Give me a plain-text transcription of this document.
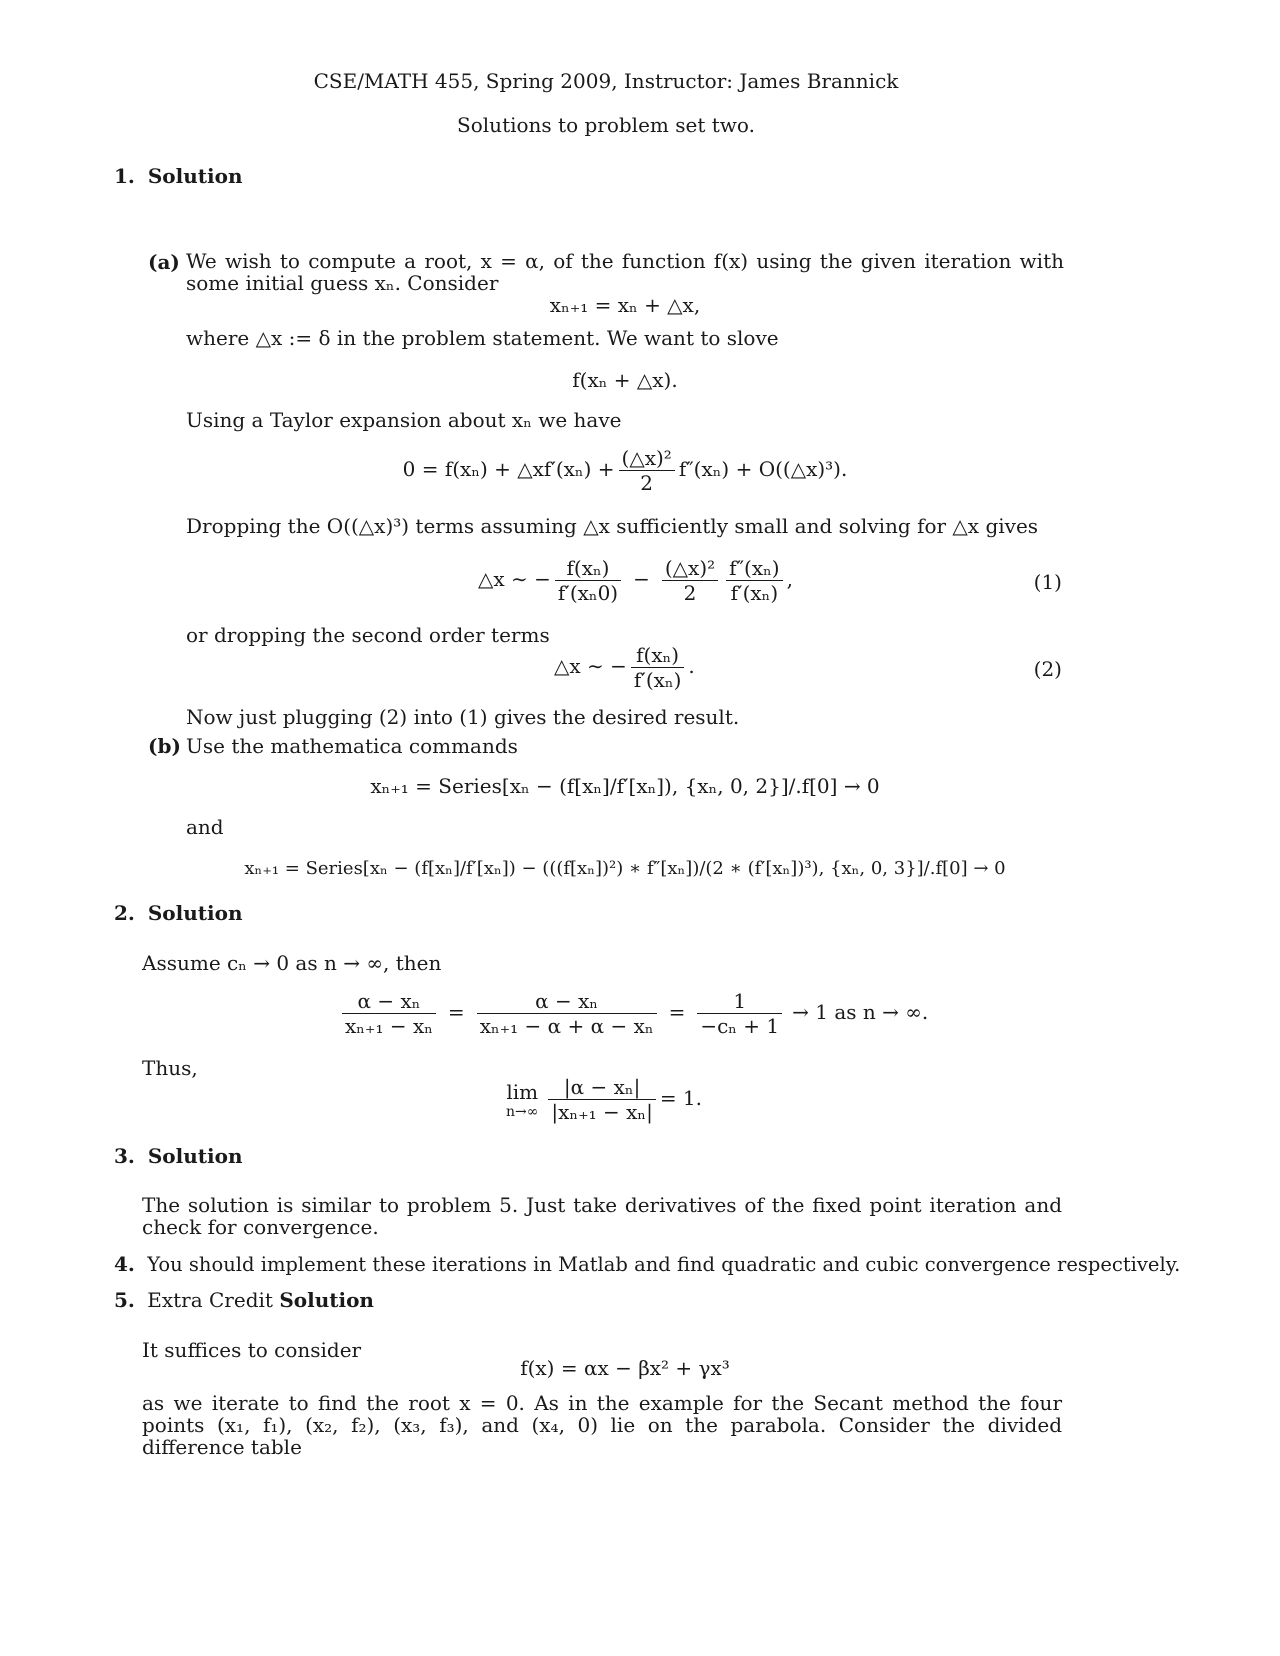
CSE/MATH 455, Spring 2009, Instructor: James Brannick
Solutions to problem set two.
1. Solution
(a) We wish to compute a root, x = α, of the function f(x) using the given iteration with some initial guess xₙ. Consider
xₙ₊₁ = xₙ + △x,
where △x := δ in the problem statement. We want to slove
f(xₙ + △x).
Using a Taylor expansion about xₙ we have
0 = f(xₙ) + △xf′(xₙ) + $\frac{\text{(△x)²}}{2} f''(x_n)$ + O((△x)³).
Dropping the O((△x)³) terms assuming △x sufficiently small and solving for △x gives
△x ∼ − $\frac{\text{f(xₙ)}}{\text{f′(xₙ0)}} - \frac{\text{(△x)²}}{2} \frac{\text{f″(xₙ)}}{\text{f′(xₙ)}}$ ,	(1)
or dropping the second order terms
△x ∼ − $\frac{\text{f(xₙ)}}{\text{f′(xₙ)}}$ .	(2)
Now just plugging (2) into (1) gives the desired result.
(b) Use the mathematica commands
xₙ₊₁ = Series[xₙ − (f[xₙ]/f′[xₙ]), {xₙ, 0, 2}]/.f[0] → 0
and
xₙ₊₁ = Series[xₙ − (f[xₙ]/f′[xₙ]) − (((f[xₙ])²) ∗ f″[xₙ])/(2 ∗ (f′[xₙ])³), {xₙ, 0, 3}]/.f[0] → 0
2. Solution
Assume cₙ → 0 as n → ∞, then
$\frac{\text{α − xₙ}}{\text{xₙ₊₁ − xₙ}} = \frac{\text{α − xₙ}}{\text{xₙ₊₁ − α + α − xₙ}} = \frac{1}{\text{−cₙ + 1}} \to 1$ as n → ∞.
Thus,
lim
$n\to\infty \frac{\text{|α − xₙ|}}{\text{|xₙ₊₁ − xₙ|}} = 1$.
3. Solution
The solution is similar to problem 5. Just take derivatives of the fixed point iteration and check for convergence.
4. You should implement these iterations in Matlab and find quadratic and cubic convergence respectively.
5. Extra Credit Solution
It suffices to consider
f(x) = αx − βx² + γx³
as we iterate to find the root x = 0. As in the example for the Secant method the four points (x₁, f₁), (x₂, f₂), (x₃, f₃), and (x₄, 0) lie on the parabola. Consider the divided difference table
